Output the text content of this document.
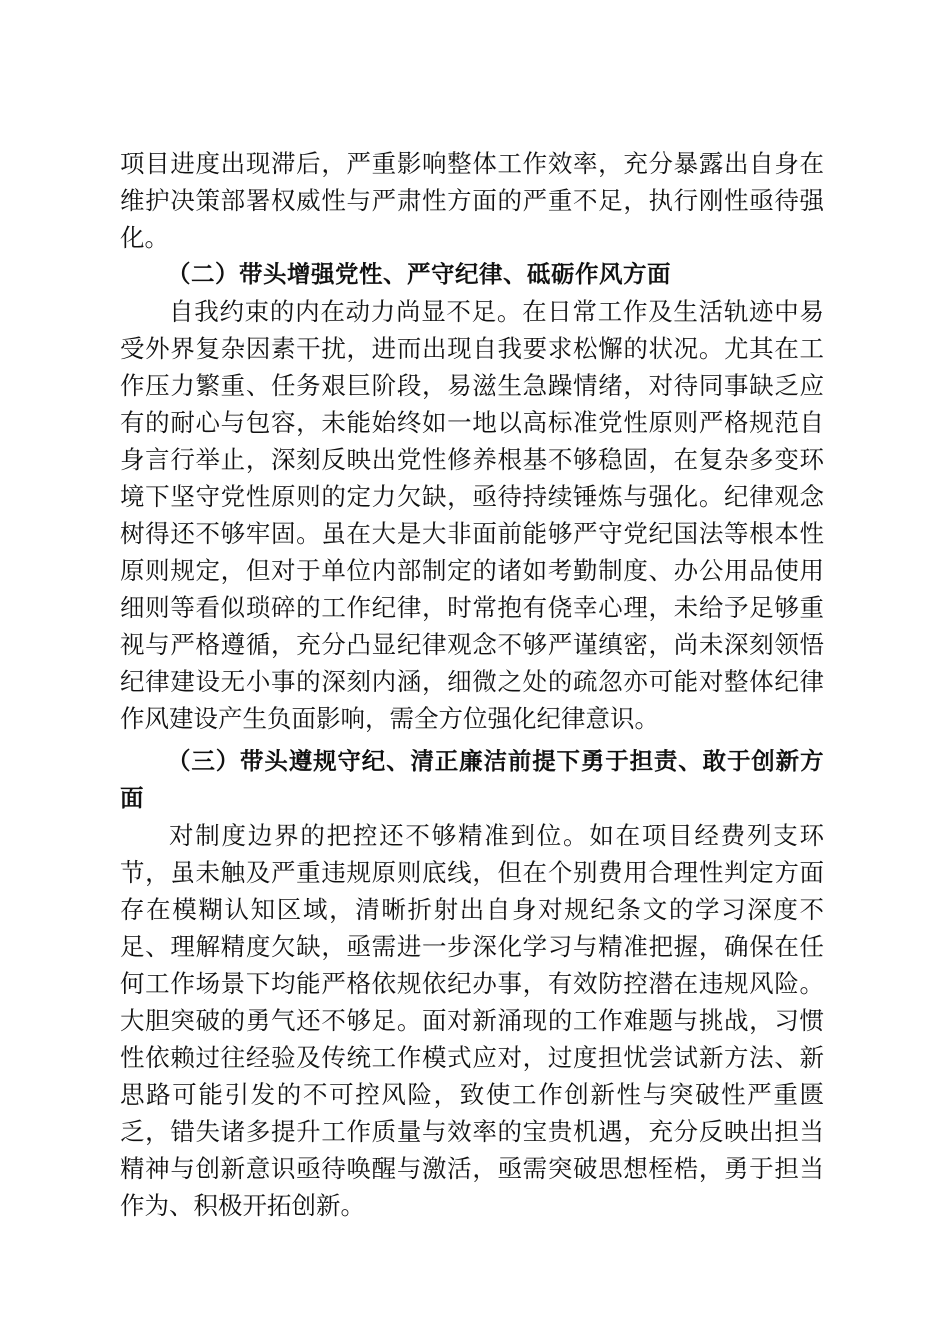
项目进度出现滞后，严重影响整体工作效率，充分暴露出自身在维护决策部署权威性与严肃性方面的严重不足，执行刚性亟待强化。

（二）带头增强党性、严守纪律、砥砺作风方面

自我约束的内在动力尚显不足。在日常工作及生活轨迹中易受外界复杂因素干扰，进而出现自我要求松懈的状况。尤其在工作压力繁重、任务艰巨阶段，易滋生急躁情绪，对待同事缺乏应有的耐心与包容，未能始终如一地以高标准党性原则严格规范自身言行举止，深刻反映出党性修养根基不够稳固，在复杂多变环境下坚守党性原则的定力欠缺，亟待持续锤炼与强化。纪律观念树得还不够牢固。虽在大是大非面前能够严守党纪国法等根本性原则规定，但对于单位内部制定的诸如考勤制度、办公用品使用细则等看似琐碎的工作纪律，时常抱有侥幸心理，未给予足够重视与严格遵循，充分凸显纪律观念不够严谨缜密，尚未深刻领悟纪律建设无小事的深刻内涵，细微之处的疏忽亦可能对整体纪律作风建设产生负面影响，需全方位强化纪律意识。

（三）带头遵规守纪、清正廉洁前提下勇于担责、敢于创新方面

对制度边界的把控还不够精准到位。如在项目经费列支环节，虽未触及严重违规原则底线，但在个别费用合理性判定方面存在模糊认知区域，清晰折射出自身对规纪条文的学习深度不足、理解精度欠缺，亟需进一步深化学习与精准把握，确保在任何工作场景下均能严格依规依纪办事，有效防控潜在违规风险。大胆突破的勇气还不够足。面对新涌现的工作难题与挑战，习惯性依赖过往经验及传统工作模式应对，过度担忧尝试新方法、新思路可能引发的不可控风险，致使工作创新性与突破性严重匮乏，错失诸多提升工作质量与效率的宝贵机遇，充分反映出担当精神与创新意识亟待唤醒与激活，亟需突破思想桎梏，勇于担当作为、积极开拓创新。
